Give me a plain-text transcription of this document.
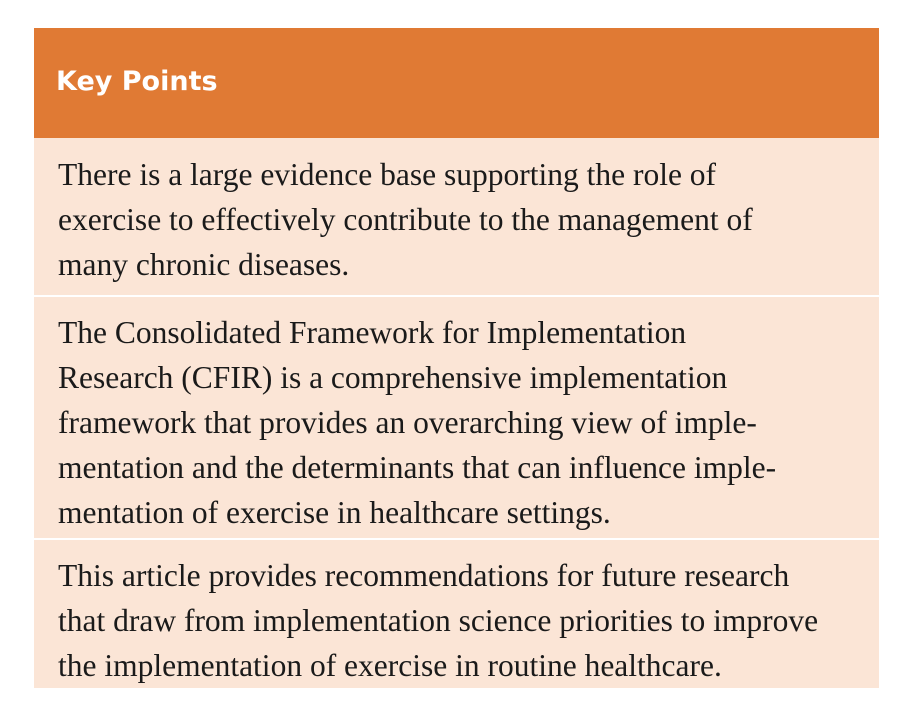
Key Points
There is a large evidence base supporting the role of
exercise to effectively contribute to the management of
many chronic diseases.
The Consolidated Framework for Implementation
Research (CFIR) is a comprehensive implementation
framework that provides an overarching view of imple-
mentation and the determinants that can influence imple-
mentation of exercise in healthcare settings.
This article provides recommendations for future research
that draw from implementation science priorities to improve
the implementation of exercise in routine healthcare.
